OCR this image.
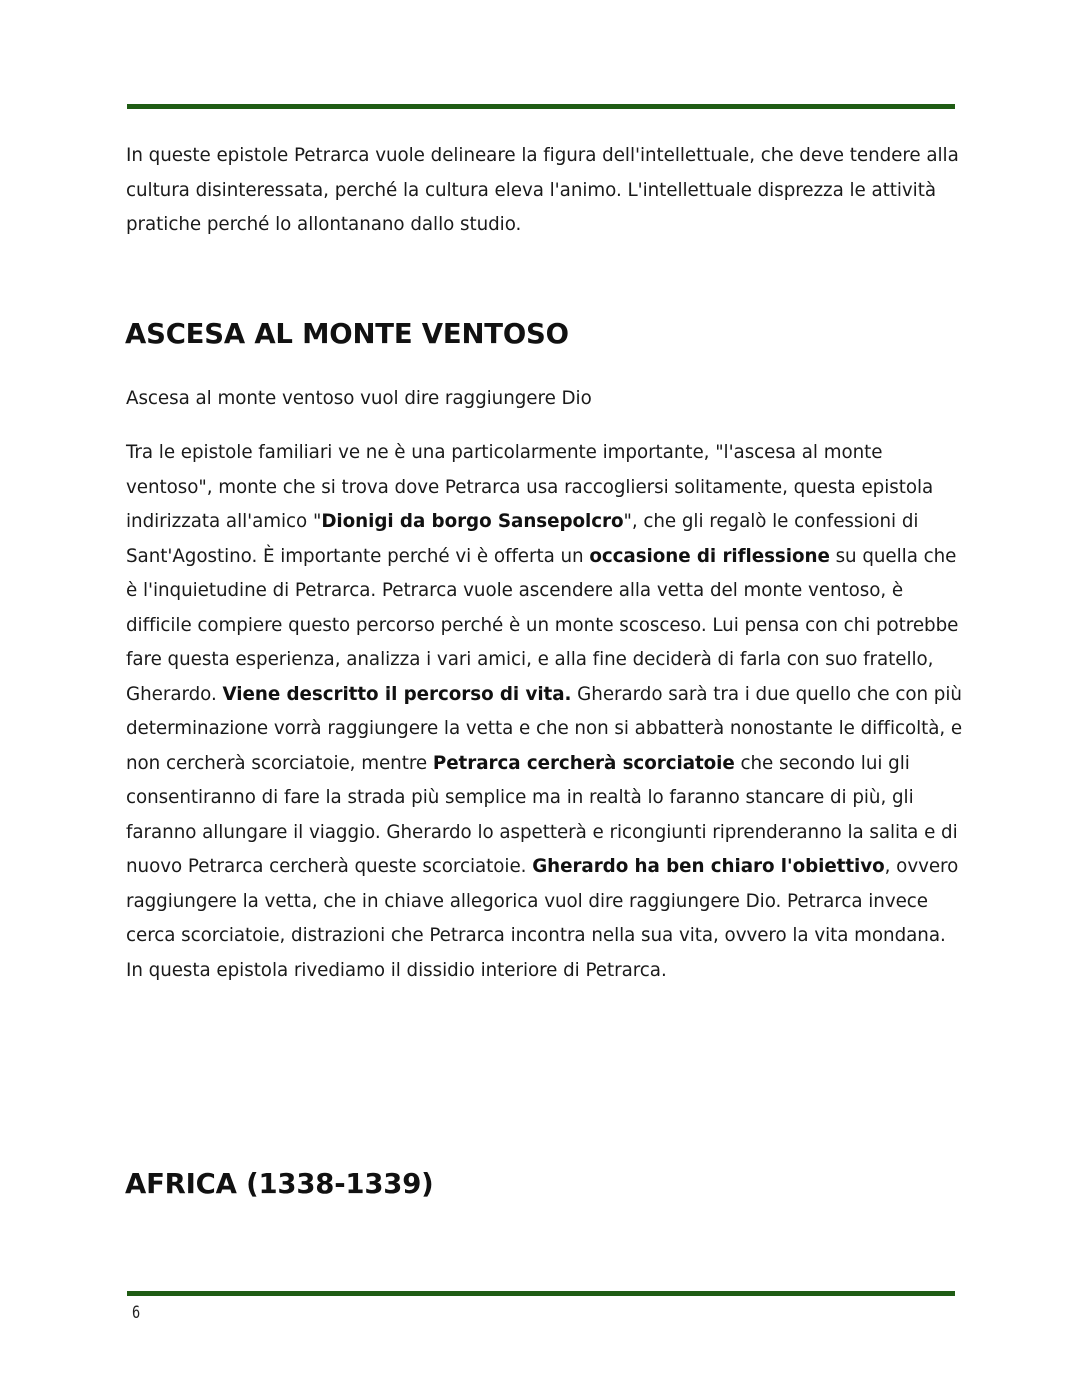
In queste epistole Petrarca vuole delineare la figura dell'intellettuale, che deve tendere alla cultura disinteressata, perché la cultura eleva l'animo. L'intellettuale disprezza le attività pratiche perché lo allontanano dallo studio.

ASCESA AL MONTE VENTOSO

Ascesa al monte ventoso vuol dire raggiungere Dio

Tra le epistole familiari ve ne è una particolarmente importante, "l'ascesa al monte ventoso", monte che si trova dove Petrarca usa raccogliersi solitamente, questa epistola indirizzata all'amico "Dionigi da borgo Sansepolcro", che gli regalò le confessioni di Sant'Agostino. È importante perché vi è offerta un occasione di riflessione su quella che è l'inquietudine di Petrarca. Petrarca vuole ascendere alla vetta del monte ventoso, è difficile compiere questo percorso perché è un monte scosceso. Lui pensa con chi potrebbe fare questa esperienza, analizza i vari amici, e alla fine deciderà di farla con suo fratello, Gherardo. Viene descritto il percorso di vita. Gherardo sarà tra i due quello che con più determinazione vorrà raggiungere la vetta e che non si abbatterà nonostante le difficoltà, e non cercherà scorciatoie, mentre Petrarca cercherà scorciatoie che secondo lui gli consentiranno di fare la strada più semplice ma in realtà lo faranno stancare di più, gli faranno allungare il viaggio. Gherardo lo aspetterà e ricongiunti riprenderanno la salita e di nuovo Petrarca cercherà queste scorciatoie. Gherardo ha ben chiaro l'obiettivo, ovvero raggiungere la vetta, che in chiave allegorica vuol dire raggiungere Dio. Petrarca invece cerca scorciatoie, distrazioni che Petrarca incontra nella sua vita, ovvero la vita mondana. In questa epistola rivediamo il dissidio interiore di Petrarca.

AFRICA (1338-1339)
6
